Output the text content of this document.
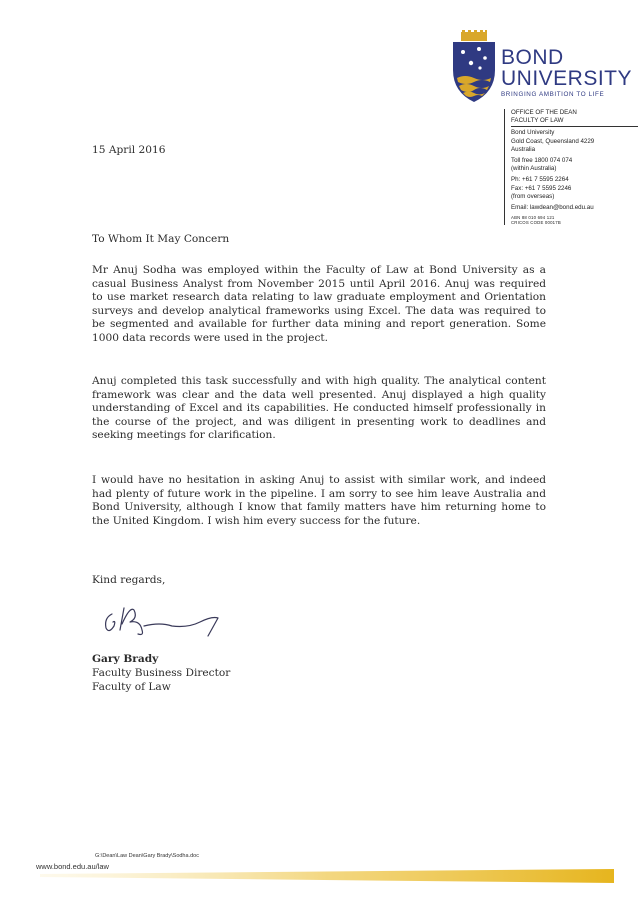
BOND
UNIVERSITY
BRINGING AMBITION TO LIFE
OFFICE OF THE DEAN
FACULTY OF LAW
Bond University
Gold Coast, Queensland 4229
Australia
Toll free 1800 074 074
(within Australia)
Ph: +61 7 5595 2264
Fax: +61 7 5595 2246
(from overseas)
Email: lawdean@bond.edu.au
ABN 88 010 694 121
CRICOS CODE 00017B
15 April 2016
To Whom It May Concern
Mr Anuj Sodha was employed within the Faculty of Law at Bond University as a casual Business Analyst from November 2015 until April 2016. Anuj was required to use market research data relating to law graduate employment and Orientation surveys and develop analytical frameworks using Excel. The data was required to be segmented and available for further data mining and report generation. Some 1000 data records were used in the project.
Anuj completed this task successfully and with high quality. The analytical content framework was clear and the data well presented. Anuj displayed a high quality understanding of Excel and its capabilities. He conducted himself professionally in the course of the project, and was diligent in presenting work to deadlines and seeking meetings for clarification.
I would have no hesitation in asking Anuj to assist with similar work, and indeed had plenty of future work in the pipeline. I am sorry to see him leave Australia and Bond University, although I know that family matters have him returning home to the United Kingdom. I wish him every success for the future.
Kind regards,
Gary Brady
Faculty Business Director
Faculty of Law
G:\Dean\Law Dean\Gary Brady\Sodha.doc
www.bond.edu.au/law
